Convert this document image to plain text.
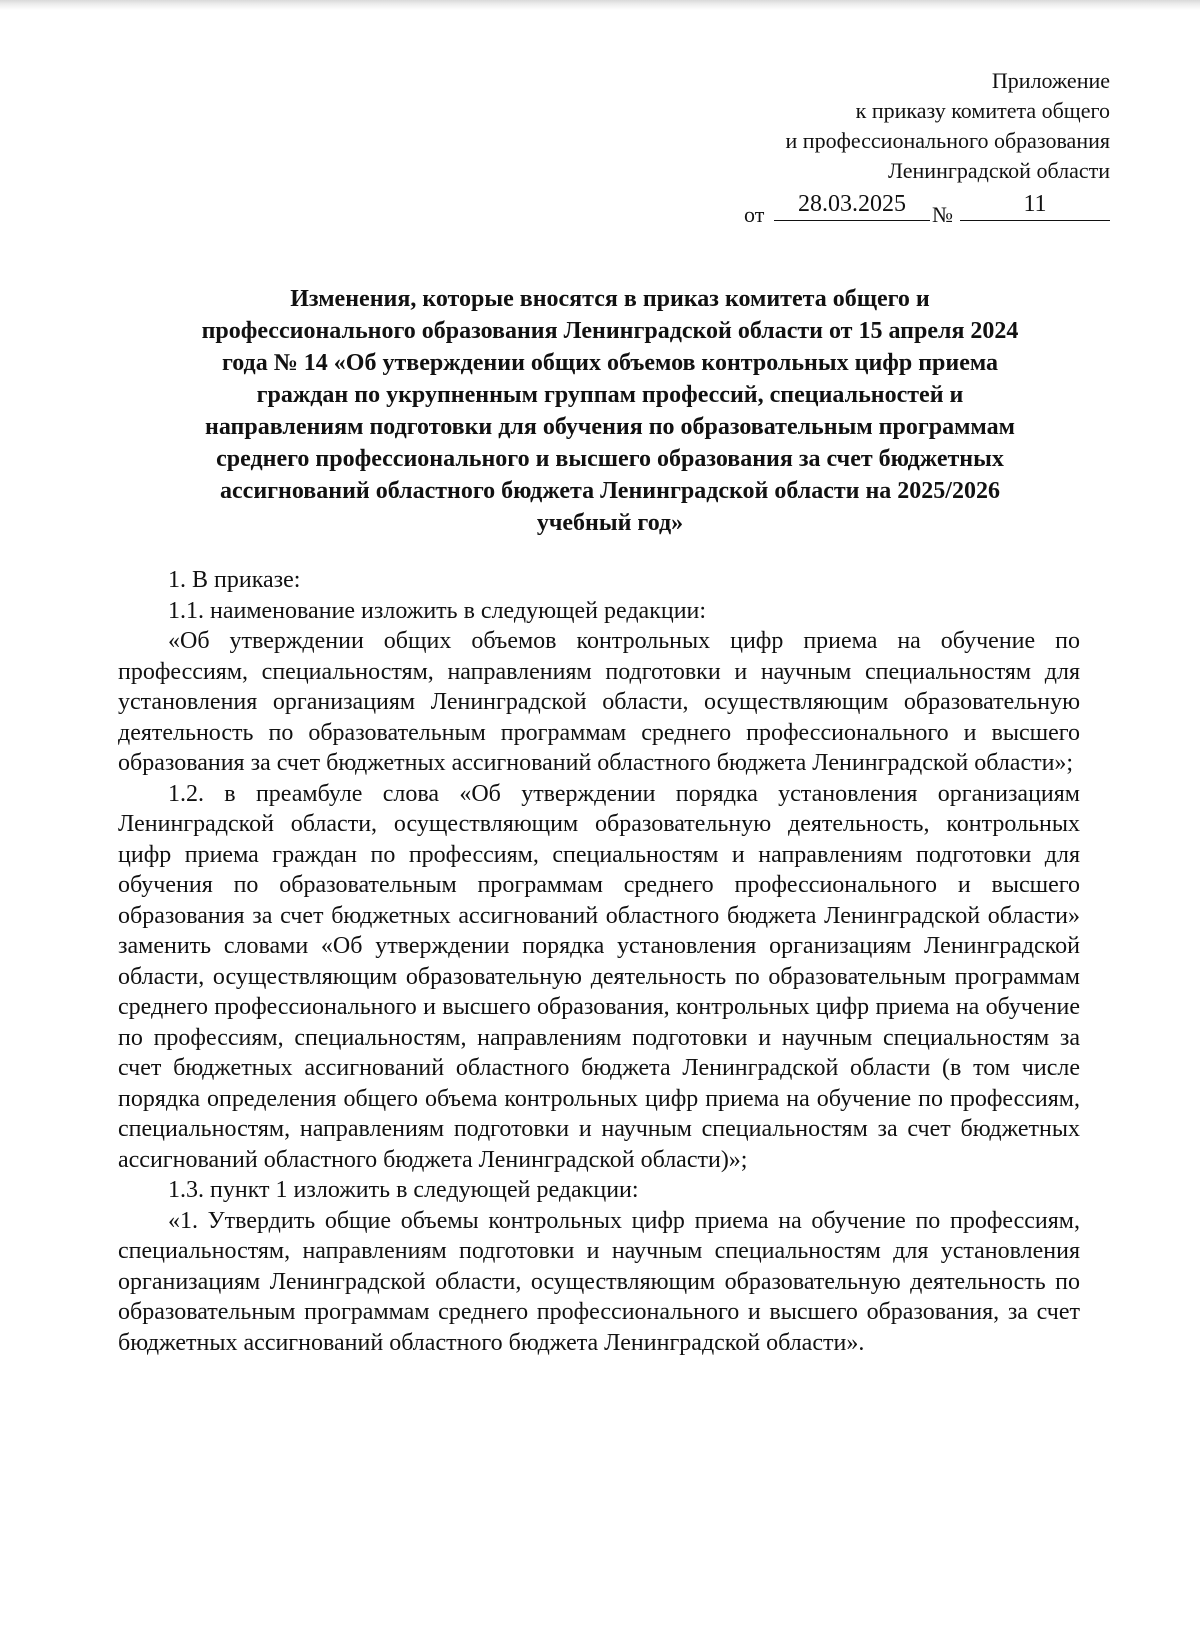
Приложение
к приказу комитета общего
и профессионального образования
Ленинградской области
от	28.03.2025	№	11
Изменения, которые вносятся в приказ комитета общего и
профессионального образования Ленинградской области от 15 апреля 2024
года № 14 «Об утверждении общих объемов контрольных цифр приема
граждан по укрупненным группам профессий, специальностей и
направлениям подготовки для обучения по образовательным программам
среднего профессионального и высшего образования за счет бюджетных
ассигнований областного бюджета Ленинградской области на 2025/2026
учебный год»

1. В приказе:

1.1. наименование изложить в следующей редакции:

«Об утверждении общих объемов контрольных цифр приема на обучение по профессиям, специальностям, направлениям подготовки и научным специальностям для установления организациям Ленинградской области, осуществляющим образовательную деятельность по образовательным программам среднего профессионального и высшего образования за счет бюджетных ассигнований областного бюджета Ленинградской области»;

1.2. в преамбуле слова «Об утверждении порядка установления организациям Ленинградской области, осуществляющим образовательную деятельность, контрольных цифр приема граждан по профессиям, специальностям и направлениям подготовки для обучения по образовательным программам среднего профессионального и высшего образования за счет бюджетных ассигнований областного бюджета Ленинградской области» заменить словами «Об утверждении порядка установления организациям Ленинградской области, осуществляющим образовательную деятельность по образовательным программам среднего профессионального и высшего образования, контрольных цифр приема на обучение по профессиям, специальностям, направлениям подготовки и научным специальностям за счет бюджетных ассигнований областного бюджета Ленинградской области (в том числе порядка определения общего объема контрольных цифр приема на обучение по профессиям, специальностям, направлениям подготовки и научным специальностям за счет бюджетных ассигнований областного бюджета Ленинградской области)»;

1.3. пункт 1 изложить в следующей редакции:

«1. Утвердить общие объемы контрольных цифр приема на обучение по профессиям, специальностям, направлениям подготовки и научным специальностям для установления организациям Ленинградской области, осуществляющим образовательную деятельность по образовательным программам среднего профессионального и высшего образования, за счет бюджетных ассигнований областного бюджета Ленинградской области».
